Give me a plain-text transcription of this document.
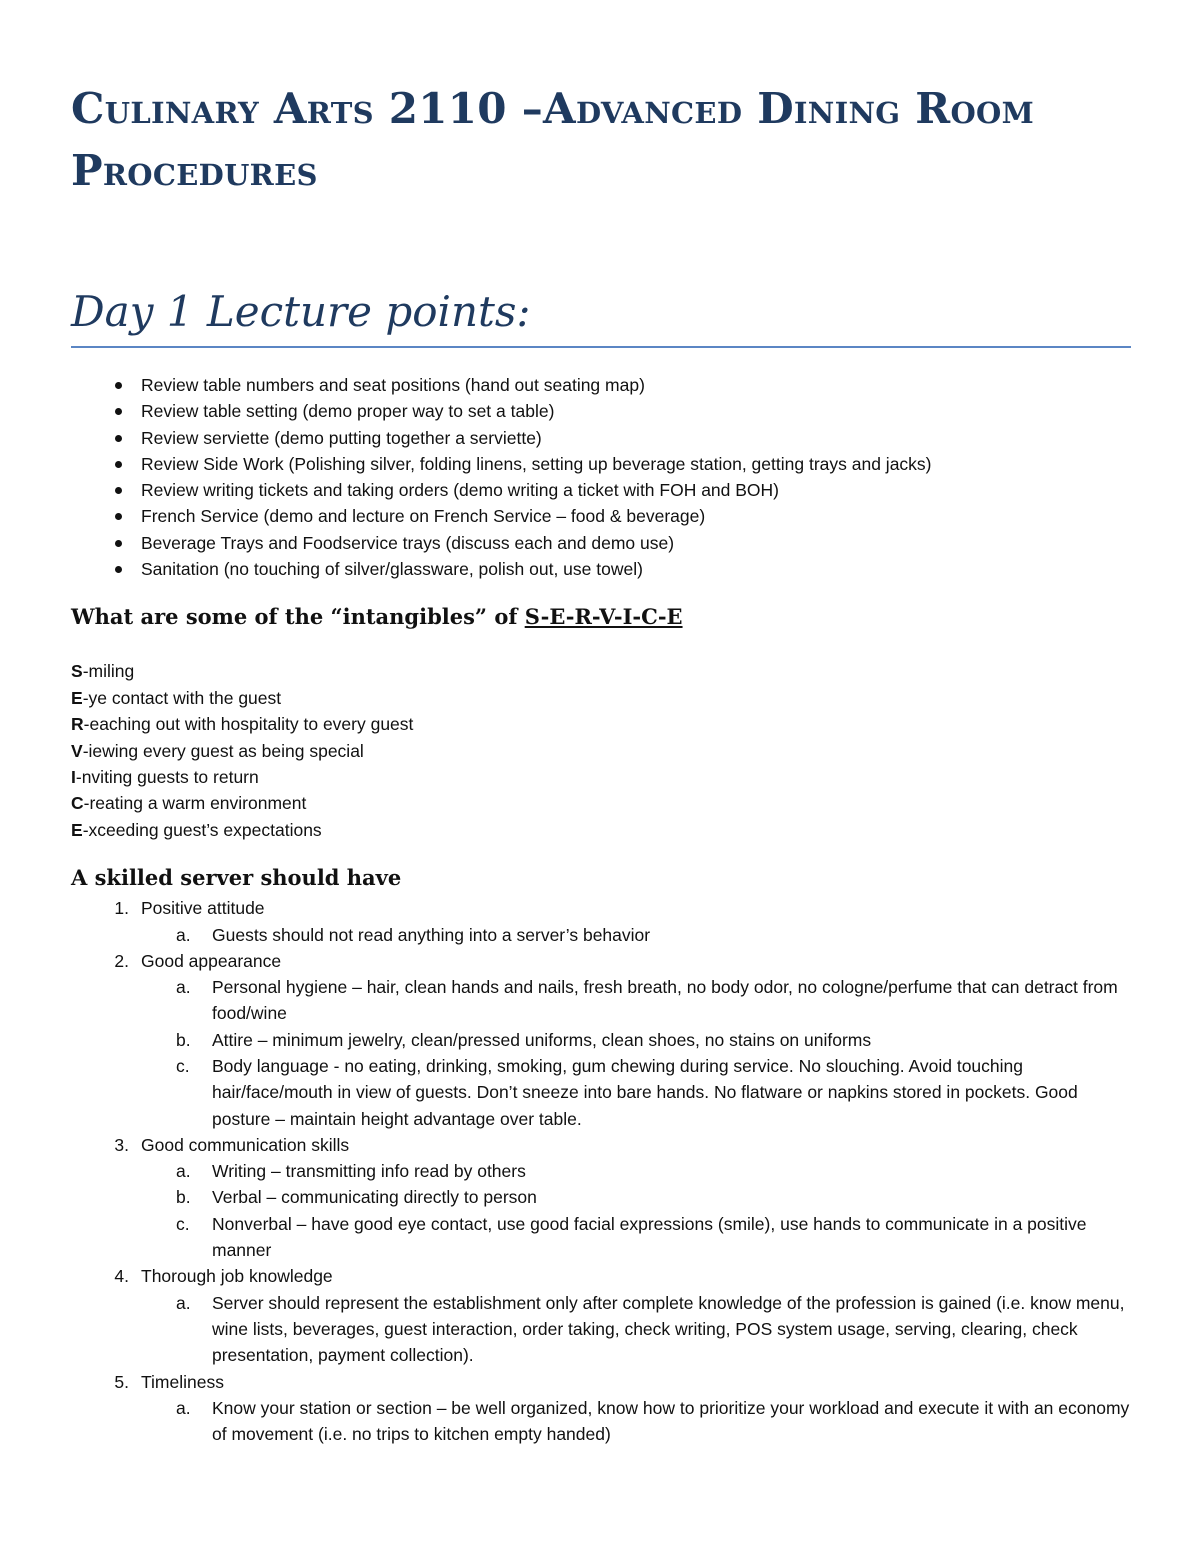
Culinary Arts 2110 –Advanced Dining Room
Procedures
Day 1 Lecture points:
Review table numbers and seat positions (hand out seating map)
Review table setting (demo proper way to set a table)
Review serviette (demo putting together a serviette)
Review Side Work (Polishing silver, folding linens, setting up beverage station, getting trays and jacks)
Review writing tickets and taking orders (demo writing a ticket with FOH and BOH)
French Service (demo and lecture on French Service – food & beverage)
Beverage Trays and Foodservice trays (discuss each and demo use)
Sanitation (no touching of silver/glassware, polish out, use towel)
What are some of the “intangibles” of S-E-R-V-I-C-E
S-miling
E-ye contact with the guest
R-eaching out with hospitality to every guest
V-iewing every guest as being special
I-nviting guests to return
C-reating a warm environment
E-xceeding guest’s expectations
A skilled server should have
1. Positive attitude
a.	Guests should not read anything into a server’s behavior
2. Good appearance
a.	Personal hygiene – hair, clean hands and nails, fresh breath, no body odor, no cologne/perfume that can detract from food/wine
b.	Attire – minimum jewelry, clean/pressed uniforms, clean shoes, no stains on uniforms
c.	Body language - no eating, drinking, smoking, gum chewing during service. No slouching. Avoid touching hair/face/mouth in view of guests. Don’t sneeze into bare hands. No flatware or napkins stored in pockets. Good posture – maintain height advantage over table.
3. Good communication skills
a.	Writing – transmitting info read by others
b.	Verbal – communicating directly to person
c.	Nonverbal – have good eye contact, use good facial expressions (smile), use hands to communicate in a positive manner
4. Thorough job knowledge
a.	Server should represent the establishment only after complete knowledge of the profession is gained (i.e. know menu, wine lists, beverages, guest interaction, order taking, check writing, POS system usage, serving, clearing, check presentation, payment collection).
5. Timeliness
a.	Know your station or section – be well organized, know how to prioritize your workload and execute it with an economy of movement (i.e. no trips to kitchen empty handed)
